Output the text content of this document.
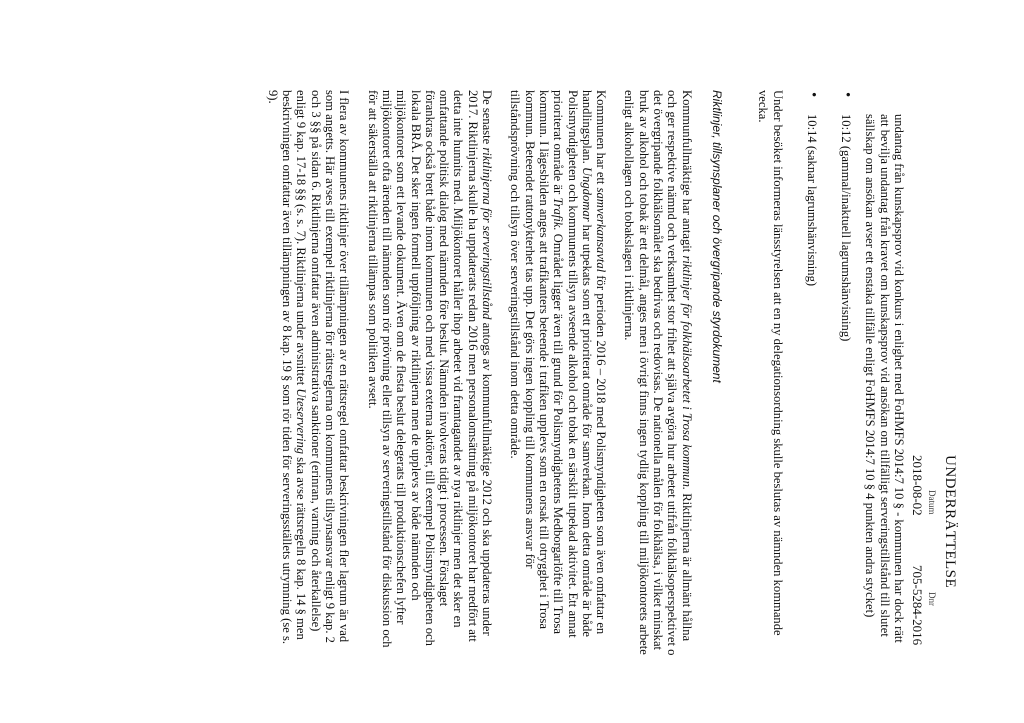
UNDERRÄTTELSE
Datum
2018-08-02
Dnr
705-5284-2016

undantag från kunskapsprov vid konkurs i enlighet med FoHMFS 2014:7 10 § - kommunen har dock rätt att bevilja undantag från kravet om kunskapsprov vid ansökan om tillfälligt serveringstillstånd till slutet sällskap om ansökan avser ett enstaka tillfälle enligt FoHMFS 2014:7 10 § 4 punkten andra stycket)

• 10:12 (gammal/inaktuell lagrumshänvisning)
• 10:14 (saknar lagrumshänvisning)

Under besöket informeras länsstyrelsen att en ny delegationsordning skulle beslutas av nämnden kommande vecka.

Riktlinjer, tillsynsplaner och övergripande styrdokument

Kommunfullmäktige har antagit riktlinjer för folkhälsoarbetet i Trosa kommun. Riktlinjerna är allmänt hållna och ger respektive nämnd och verksamhet stor frihet att själva avgöra hur arbetet utifrån folkhälsoperspektivet o det övergripande folkhälsomålet ska bedrivas och redovisas. De nationella målen för folkhälsa, i vilket minskat bruk av alkohol och tobak är ett delmål, anges men i övrigt finns ingen tydlig koppling till miljökontorets arbete enligt alkohollagen och tobakslagen i riktlinjerna.

Kommunen har ett samverkansavtal för perioden 2016 – 2018 med Polismyndigheten som även omfattar en handlingsplan. Ungdomar har utpekats som ett prioriterat område för samverkan. Inom detta område är både Polismyndigheten och kommunens tillsyn avseende alkohol och tobak en särskilt utpekad aktivitet. Ett annat prioriterat område är Trafik. Området ligger även till grund för Polismyndighetens Medborgarlöfte till Trosa kommun. I lägesbilden anges att trafikanters beteende i trafiken upplevs som en orsak till otrygghet i Trosa kommun. Beteendet rattonykterhet tas upp. Det görs ingen koppling till kommunens ansvar för tillståndsprövning och tillsyn över serveringstillstånd inom detta område.

De senaste riktlinjerna för serveringstillstånd antogs av kommunfullmäktige 2012 och ska uppdateras under 2017. Riktlinjerna skulle ha uppdaterats redan 2016 men personalomsättning på miljökontoret har medfört att detta inte hunnits med. Miljökontoret håller ihop arbetet vid framtagandet av nya riktlinjer men det sker en omfattande politisk dialog med nämnden före beslut. Nämnden involveras tidigt i processen. Förslaget förankras också brett både inom kommunen och med vissa externa aktörer, till exempel Polismyndigheten och lokala BRÅ. Det sker ingen formell uppföljning av riktlinjerna men de upplevs av både nämnden och miljökontoret som ett levande dokument. Även om de flesta beslut delegerats till produktionschefen lyfter miljökontoret ofta ärenden till nämnden som rör prövning eller tillsyn av serveringstillstånd för diskussion och för att säkerställa att riktlinjerna tillämpas som politiken avsett.

I flera av kommunens riktlinjer över tillämpningen av en rättsregel omfattar beskrivningen fler lagrum än vad som angetts. Här avses till exempel riktlinjerna för rättsreglerna om kommunens tillsynsansvar enligt 9 kap. 2 och 3 §§ på sidan 6. Riktlinjerna omfattar även administrativa sanktioner (erinran, varning och återkallelse) enligt 9 kap. 17-18 §§ (s. s. 7). Riktlinjerna under avsnittet Uteservering ska avse rättsregeln 8 kap. 14 § men beskrivningen omfattar även tillämpningen av 8 kap. 19 § som rör tiden för serveringsställets utrymning (se s. 9).
